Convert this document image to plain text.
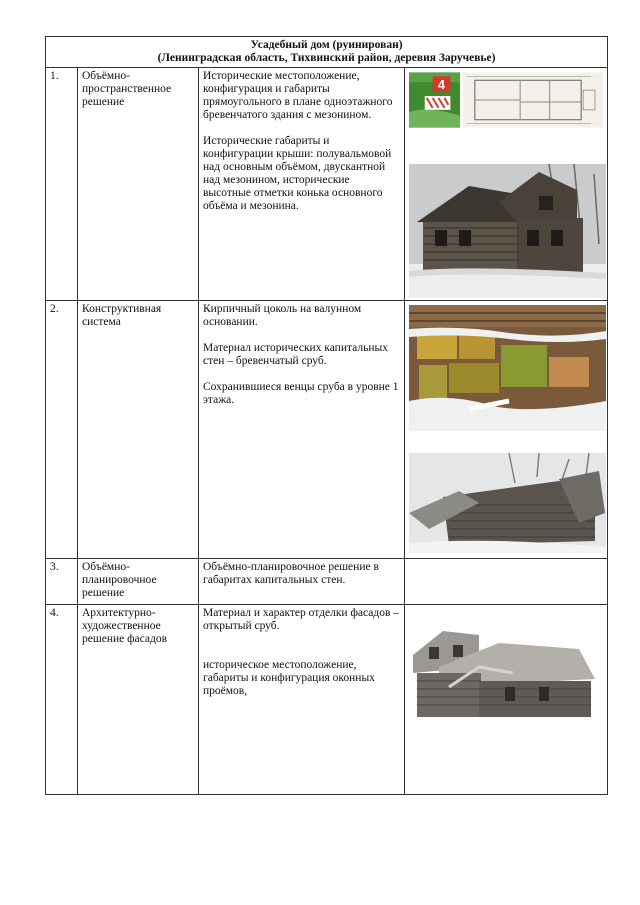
Усадебный дом (руинирован)
(Ленинградская область, Тихвинский район, деревия Заручевье)			

1.	Объёмно-пространственное решение	Исторические местоположение, конфигурация и габариты прямоугольного в плане одноэтажного бревенчатого здания с мезонином.
Исторические габариты и конфигурации крыши: полувальмовой над основным объёмом, двускантной над мезонином, исторические высотные отметки конька основного объёма и мезонина.	4

2.	Конструктивная система	Кирпичный цоколь на валунном основании.
Материал исторических капитальных стен – бревенчатый сруб.
Сохранившиеся венцы сруба в уровне 1 этажа.

3.	Объёмно-планировочное решение	Объёмно-планировочное решение в габаритах капитальных стен.	

4.	Архитектурно-художественное решение фасадов	Материал и характер отделки фасадов – открытый сруб.
историческое местоположение, габариты и конфигурация оконных проёмов,
